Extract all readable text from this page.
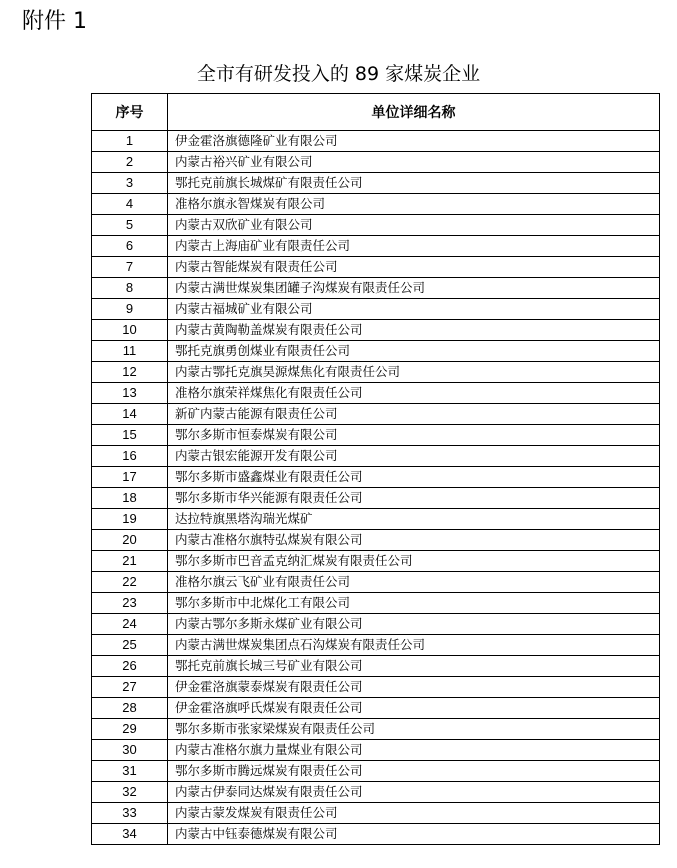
附件 1
全市有研发投入的 89 家煤炭企业
序号	单位详细名称
1	伊金霍洛旗德隆矿业有限公司
2	内蒙古裕兴矿业有限公司
3	鄂托克前旗长城煤矿有限责任公司
4	准格尔旗永智煤炭有限公司
5	内蒙古双欣矿业有限公司
6	内蒙古上海庙矿业有限责任公司
7	内蒙古智能煤炭有限责任公司
8	内蒙古满世煤炭集团罐子沟煤炭有限责任公司
9	内蒙古福城矿业有限公司
10	内蒙古黄陶勒盖煤炭有限责任公司
11	鄂托克旗勇创煤业有限责任公司
12	内蒙古鄂托克旗昊源煤焦化有限责任公司
13	准格尔旗荣祥煤焦化有限责任公司
14	新矿内蒙古能源有限责任公司
15	鄂尔多斯市恒泰煤炭有限公司
16	内蒙古银宏能源开发有限公司
17	鄂尔多斯市盛鑫煤业有限责任公司
18	鄂尔多斯市华兴能源有限责任公司
19	达拉特旗黑塔沟瑞光煤矿
20	内蒙古准格尔旗特弘煤炭有限公司
21	鄂尔多斯市巴音孟克纳汇煤炭有限责任公司
22	准格尔旗云飞矿业有限责任公司
23	鄂尔多斯市中北煤化工有限公司
24	内蒙古鄂尔多斯永煤矿业有限公司
25	内蒙古满世煤炭集团点石沟煤炭有限责任公司
26	鄂托克前旗长城三号矿业有限公司
27	伊金霍洛旗蒙泰煤炭有限责任公司
28	伊金霍洛旗呼氏煤炭有限责任公司
29	鄂尔多斯市张家梁煤炭有限责任公司
30	内蒙古准格尔旗力量煤业有限公司
31	鄂尔多斯市腾远煤炭有限责任公司
32	内蒙古伊泰同达煤炭有限责任公司
33	内蒙古蒙发煤炭有限责任公司
34	内蒙古中钰泰德煤炭有限公司
